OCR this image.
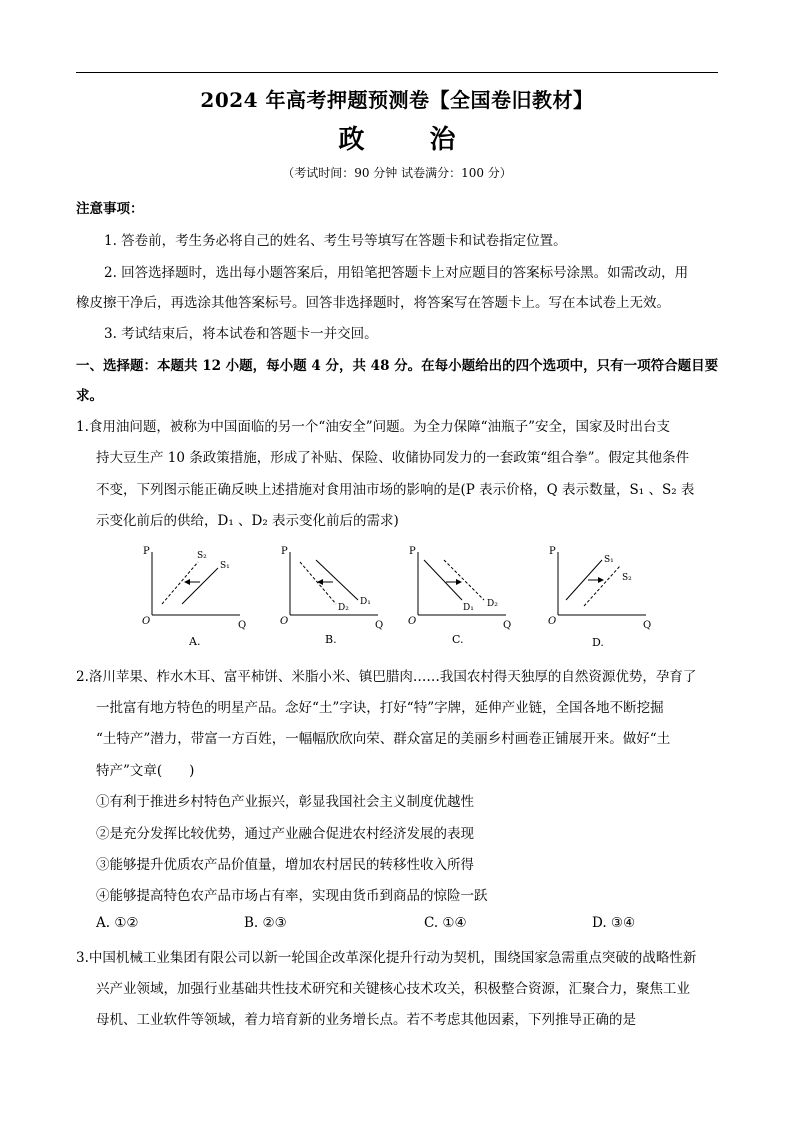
2024 年高考押题预测卷【全国卷旧教材】
政 治
（考试时间：90 分钟 试卷满分：100 分）
注意事项：
1. 答卷前，考生务必将自己的姓名、考生号等填写在答题卡和试卷指定位置。
2. 回答选择题时，选出每小题答案后，用铅笔把答题卡上对应题目的答案标号涂黑。如需改动，用
橡皮擦干净后，再选涂其他答案标号。回答非选择题时，将答案写在答题卡上。写在本试卷上无效。
3. 考试结束后，将本试卷和答题卡一并交回。
一、选择题：本题共 12 小题，每小题 4 分，共 48 分。在每小题给出的四个选项中，只有一项符合题目要
求。
1.食用油问题，被称为中国面临的另一个“油安全”问题。为全力保障“油瓶子”安全，国家及时出台支
持大豆生产 10 条政策措施，形成了补贴、保险、收储协同发力的一套政策“组合拳”。假定其他条件
不变，下列图示能正确反映上述措施对食用油市场的影响的是(P 表示价格，Q 表示数量，S₁ 、S₂ 表
示变化前后的供给，D₁ 、D₂ 表示变化前后的需求)
P
Q
O
S₂
S₁
A.
P
Q
O
D₂
D₁
B.
P
Q
O
D₁ D₂
C.
P
Q
O
S₁
S₂
D.
2.洛川苹果、柞水木耳、富平柿饼、米脂小米、镇巴腊肉……我国农村得天独厚的自然资源优势，孕育了
一批富有地方特色的明星产品。念好“土”字诀，打好“特”字牌，延伸产业链，全国各地不断挖掘
“土特产”潜力，带富一方百姓，一幅幅欣欣向荣、群众富足的美丽乡村画卷正铺展开来。做好“土
特产”文章(　　)
①有利于推进乡村特色产业振兴，彰显我国社会主义制度优越性
②是充分发挥比较优势，通过产业融合促进农村经济发展的表现
③能够提升优质农产品价值量，增加农村居民的转移性收入所得
④能够提高特色农产品市场占有率，实现由货币到商品的惊险一跃
A. ①②	B. ②③	C. ①④	D. ③④
3.中国机械工业集团有限公司以新一轮国企改革深化提升行动为契机，围绕国家急需重点突破的战略性新
兴产业领域，加强行业基础共性技术研究和关键核心技术攻关，积极整合资源，汇聚合力，聚焦工业
母机、工业软件等领域，着力培育新的业务增长点。若不考虑其他因素，下列推导正确的是
